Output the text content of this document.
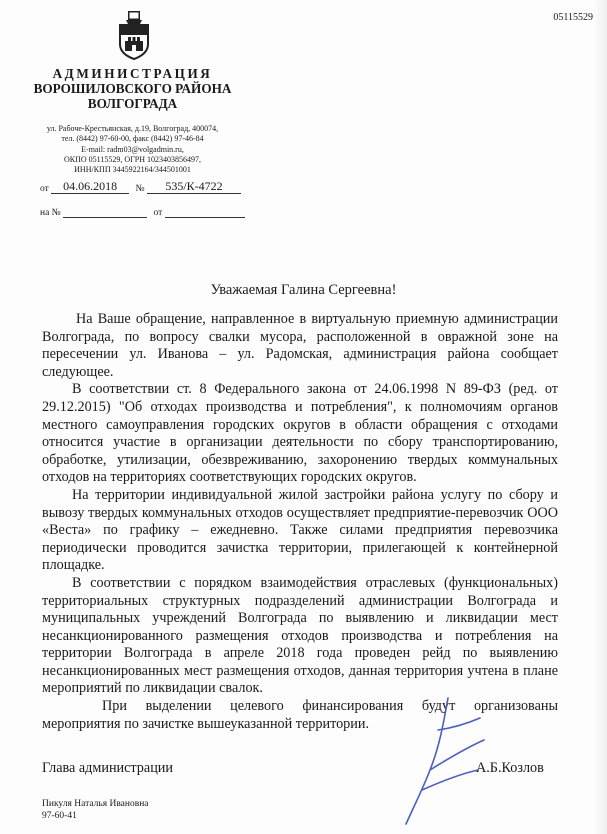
05115529
АДМИНИСТРАЦИЯ
ВОРОШИЛОВСКОГО РАЙОНА
ВОЛГОГРАДА
ул. Рабоче-Крестьянская, д.19, Волгоград, 400074,
тел. (8442) 97-60-00, факс (8442) 97-46-84
E-mail: radm03@volgadmin.ru,
ОКПО 05115529, ОГРН 1023403856497,
ИНН/КПП 3445922164/344501001
от 04.06.2018 № 535/К-4722
на №	от
Уважаемая Галина Сергеевна!

На Ваше обращение, направленное в виртуальную приемную администрации Волгограда, по вопросу свалки мусора, расположенной в овражной зоне на пересечении ул. Иванова – ул. Радомская, администрация района сообщает следующее.

В соответствии ст. 8 Федерального закона от 24.06.1998 N 89-ФЗ (ред. от 29.12.2015) "Об отходах производства и потребления", к полномочиям органов местного самоуправления городских округов в области обращения с отходами относится участие в организации деятельности по сбору транспортированию, обработке, утилизации, обезвреживанию, захоронению твердых коммунальных отходов на территориях соответствующих городских округов.

На территории индивидуальной жилой застройки района услугу по сбору и вывозу твердых коммунальных отходов осуществляет предприятие-перевозчик ООО «Веста» по графику – ежедневно. Также силами предприятия перевозчика периодически проводится зачистка территории, прилегающей к контейнерной площадке.

В соответствии с порядком взаимодействия отраслевых (функциональных) территориальных структурных подразделений администрации Волгограда и муниципальных учреждений Волгограда по выявлению и ликвидации мест несанкционированного размещения отходов производства и потребления на территории Волгограда в апреле 2018 года проведен рейд по выявлению несанкционированных мест размещения отходов, данная территория учтена в плане мероприятий по ликвидации свалок.

При выделении целевого финансирования будут организованы мероприятия по зачистке вышеуказанной территории.

Глава администрации	А.Б.Козлов
Пикуля Наталья Ивановна
97-60-41
